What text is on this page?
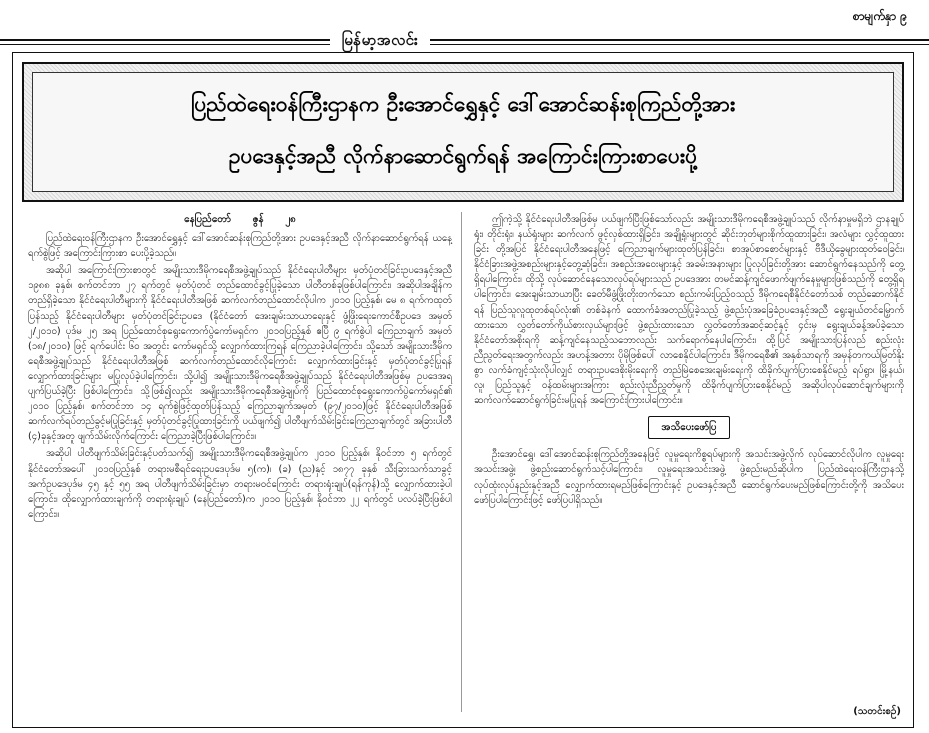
မြန်မာ့အလင်း
စာမျက်နှာ ၉
ပြည်ထဲရေးဝန်ကြီးဌာနက ဦးအောင်ရွှေနှင့် ဒေါ်အောင်ဆန်းစုကြည်တို့အား
ဥပဒေနှင့်အညီ လိုက်နာဆောင်ရွက်ရန် အကြောင်းကြားစာပေးပို့

နေပြည်တော် ဇွန် ၂၈

ပြည်ထဲရေးဝန်ကြီးဌာနက ဦးအောင်ရွှေနှင့် ဒေါ်အောင်ဆန်းစုကြည်တို့အား ဥပဒေနှင့်အညီ လိုက်နာဆောင်ရွက်ရန် ယနေ့ရက်စွဲဖြင့် အကြောင်းကြားစာ ပေးပို့ခဲ့သည်။

အဆိုပါ အကြောင်းကြားစာတွင် အမျိုးသားဒီမိုကရေစီအဖွဲ့ချုပ်သည် နိုင်ငံရေးပါတီများ မှတ်ပုံတင်ခြင်းဥပဒေနှင့်အညီ ၁၉၈၈ ခုနှစ်၊ စက်တင်ဘာ ၂၇ ရက်တွင် မှတ်ပုံတင် တည်ထောင်ခွင့်ပြုခဲ့သော ပါတီတစ်ခုဖြစ်ပါကြောင်း၊ အဆိုပါအချိန်က တည်ရှိခဲ့သော နိုင်ငံရေးပါတီများကို နိုင်ငံရေးပါတီအဖြစ် ဆက်လက်တည်ထောင်လိုပါက ၂၀၁၀ ပြည့်နှစ်၊ မေ ၈ ရက်ကထုတ်ပြန်သည့် နိုင်ငံရေးပါတီများ မှတ်ပုံတင်ခြင်းဥပဒေ (နိုင်ငံတော် အေးချမ်းသာယာရေးနှင့် ဖွံ့ဖြိုးရေးကောင်စီဥပဒေ အမှတ် ၂/၂၀၁၀) ပုဒ်မ ၂၅ အရ ပြည်ထောင်စုရွေးကောက်ပွဲကော်မရှင်က ၂၀၁၀ပြည့်နှစ် ဧပြီ ၉ ရက်စွဲပါ ကြေညာချက် အမှတ် (၁၈/၂၀၁၀) ဖြင့် ရက်ပေါင်း ၆၀ အတွင်း ကော်မရှင်သို့ လျှောက်ထားကြရန် ကြေညာခဲ့ပါကြောင်း၊ သို့သော် အမျိုးသားဒီမိုကရေစီအဖွဲ့ချုပ်သည် နိုင်ငံရေးပါတီအဖြစ် ဆက်လက်တည်ထောင်လိုကြောင်း လျှောက်ထားခြင်းနှင့် မှတ်ပုံတင်ခွင့်ပြုရန် လျှောက်ထားခြင်းများ မပြုလုပ်ခဲ့ပါကြောင်း၊ သို့ပါ၍ အမျိုးသားဒီမိုကရေစီအဖွဲ့ချုပ်သည် နိုင်ငံရေးပါတီအဖြစ်မှ ဥပဒေအရပျက်ပြယ်ခဲ့ပြီး ဖြစ်ပါကြောင်း၊ သို့ဖြစ်၍လည်း အမျိုးသားဒီမိုကရေစီအဖွဲ့ချုပ်ကို ပြည်ထောင်စုရွေးကောက်ပွဲကော်မရှင်၏ ၂၀၁၀ ပြည့်နှစ်၊ စက်တင်ဘာ ၁၄ ရက်စွဲဖြင့်ထုတ်ပြန်သည့် ကြေညာချက်အမှတ် (၉၇/၂၀၁၀)ဖြင့် နိုင်ငံရေးပါတီအဖြစ် ဆက်လက်ရပ်တည်ခွင့်မပြုခြင်းနှင့် မှတ်ပုံတင်ခွင့်ပြုထားခြင်းကို ပယ်ဖျက်၍ ပါတီဖျက်သိမ်းခြင်းကြေညာချက်တွင် အခြားပါတီ (၄)ခုနှင့်အတူ ဖျက်သိမ်းလိုက်ကြောင်း ကြေညာခဲ့ပြီးဖြစ်ပါကြောင်း။

အဆိုပါ ပါတီဖျက်သိမ်းခြင်းနှင့်ပတ်သက်၍ အမျိုးသားဒီမိုကရေစီအဖွဲ့ချုပ်က ၂၀၁၀ ပြည့်နှစ်၊ နိုဝင်ဘာ ၅ ရက်တွင် နိုင်ငံတော်အပေါ် ၂၀၁၀ပြည့်နှစ် တရားမစီရင်ရေးဥပဒေပုဒ်မ ၅(က)၊ (ခ) (ည)နှင့် ၁၈၇၇ ခုနှစ် သီးခြားသက်သာခွင့် အက်ဥပဒေပုဒ်မ ၄၅ နှင့် ၅၅ အရ ပါတီဖျက်သိမ်းခြင်းမှာ တရားမဝင်ကြောင်း တရားရုံးချုပ်(ရန်ကုန်)သို့ လျှောက်ထားခဲ့ပါကြောင်း၊ ထိုလျှောက်ထားချက်ကို တရားရုံးချုပ် (နေပြည်တော်)က ၂၀၁၀ ပြည့်နှစ်၊ နိုဝင်ဘာ ၂၂ ရက်တွင် ပလပ်ခဲ့ပြီးဖြစ်ပါကြောင်း။

ဤကဲ့သို့ နိုင်ငံရေးပါတီအဖြစ်မှ ပယ်ဖျက်ပြီးဖြစ်သော်လည်း အမျိုးသားဒီမိုကရေစီအဖွဲ့ချုပ်သည် လိုက်နာမှုမရှိဘဲ ဌာနချုပ်ရုံး၊ တိုင်းရုံး၊ နယ်ရုံးများ ဆက်လက် ဖွင့်လှစ်ထားရှိခြင်း၊ အချို့ရုံးများတွင် ဆိုင်းဘုတ်များစိုက်ထူထားခြင်း၊ အလံများ လွှင့်ထူထားခြင်း တို့အပြင် နိုင်ငံရေးပါတီအနေဖြင့် ကြေညာချက်များထုတ်ပြန်ခြင်း၊ စာအုပ်စာစောင်များနှင့် ဗီဒီယိုခွေများထုတ်ဝေခြင်း၊ နိုင်ငံခြားအဖွဲ့အစည်းများနှင့်တွေ့ဆုံခြင်း၊ အစည်းအဝေးများနှင့် အခမ်းအနားများ ပြုလုပ်ခြင်းတို့အား ဆောင်ရွက်နေသည်ကို တွေ့ရှိရပါကြောင်း၊ ထိုသို့ လုပ်ဆောင်နေသောလုပ်ရပ်များသည် ဥပဒေအား တမင်ဆန့်ကျင်ဖောက်ဖျက်နေမှုများဖြစ်သည်ကို တွေ့ရှိရပါကြောင်း၊ အေးချမ်းသာယာပြီး ခေတ်မီဖွံ့ဖြိုးတိုးတက်သော စည်းကမ်းပြည့်ဝသည့် ဒီမိုကရေစီနိုင်ငံတော်သစ် တည်ဆောက်နိုင်ရန် ပြည်သူလူထုတစ်ရပ်လုံး၏ တစ်ခဲနက် ထောက်ခံအတည်ပြုခဲ့သည့် ဖွဲ့စည်းပုံအခြေခံဥပဒေနှင့်အညီ ရွေးချယ်တင်မြှောက်ထားသော လွှတ်တော်ကိုယ်စားလှယ်များဖြင့် ဖွဲ့စည်းထားသော လွှတ်တော်အဆင့်ဆင့်နှင့် ၄င်းမှ ရွေးချယ်ခန့်အပ်ခဲ့သော နိုင်ငံတော်အစိုးရကို ဆန့်ကျင်နေသည့်သဘောလည်း သက်ရောက်နေပါကြောင်း၊ ထို့ပြင် အမျိုးသားပြန်လည် စည်းလုံးညီညွတ်ရေးအတွက်လည်း အဟန့်အတား ပိုမိုဖြစ်ပေါ် လာစေနိုင်ပါကြောင်း၊ ဒီမိုကရေစီ၏ အနှစ်သာရကို အမှန်တကယ်မြတ်နိုးစွာ လက်ခံကျင့်သုံးလိုပါလျှင် တရားဥပဒေစိုးမိုးရေးကို တည်မြဲစေအေးချမ်းရေးကို ထိခိုက်ပျက်ပြားစေနိုင်မည့် ရပ်ရွာ၊ မြို့နယ်၊ လူ၊ ပြည်သူနှင့် ဝန်ထမ်းများအကြား စည်းလုံးညီညွတ်မှုကို ထိခိုက်ပျက်ပြားစေနိုင်မည့် အဆိုပါလုပ်ဆောင်ချက်များကို ဆက်လက်ဆောင်ရွက်ခြင်းမပြုရန် အကြောင်းကြားပါကြောင်း။

အသိပေးဖော်ပြ

ဦးအောင်ရွှေ၊ ဒေါ်အောင်ဆန်းစုကြည်တို့အနေဖြင့် လူမှုရေးကိစ္စရပ်များကို အသင်းအဖွဲ့လိုက် လုပ်ဆောင်လိုပါက လူမှုရေးအသင်းအဖွဲ့၊ ဖွဲ့စည်းဆောင်ရွက်သင့်ပါကြောင်း၊ လူမှုရေးအသင်းအဖွဲ့ ဖွဲ့စည်းမည်ဆိုပါက ပြည်ထဲရေးဝန်ကြီးဌာနသို့ လုပ်ထုံးလုပ်နည်းနှင့်အညီ လျှောက်ထားရမည်ဖြစ်ကြောင်းနှင့် ဥပဒေနှင့်အညီ ဆောင်ရွက်ပေးမည်ဖြစ်ကြောင်းတို့ကို အသိပေးဖော်ပြပါကြောင်းဖြင့် ဖော်ပြပါရှိသည်။

(သတင်းစဉ်)
